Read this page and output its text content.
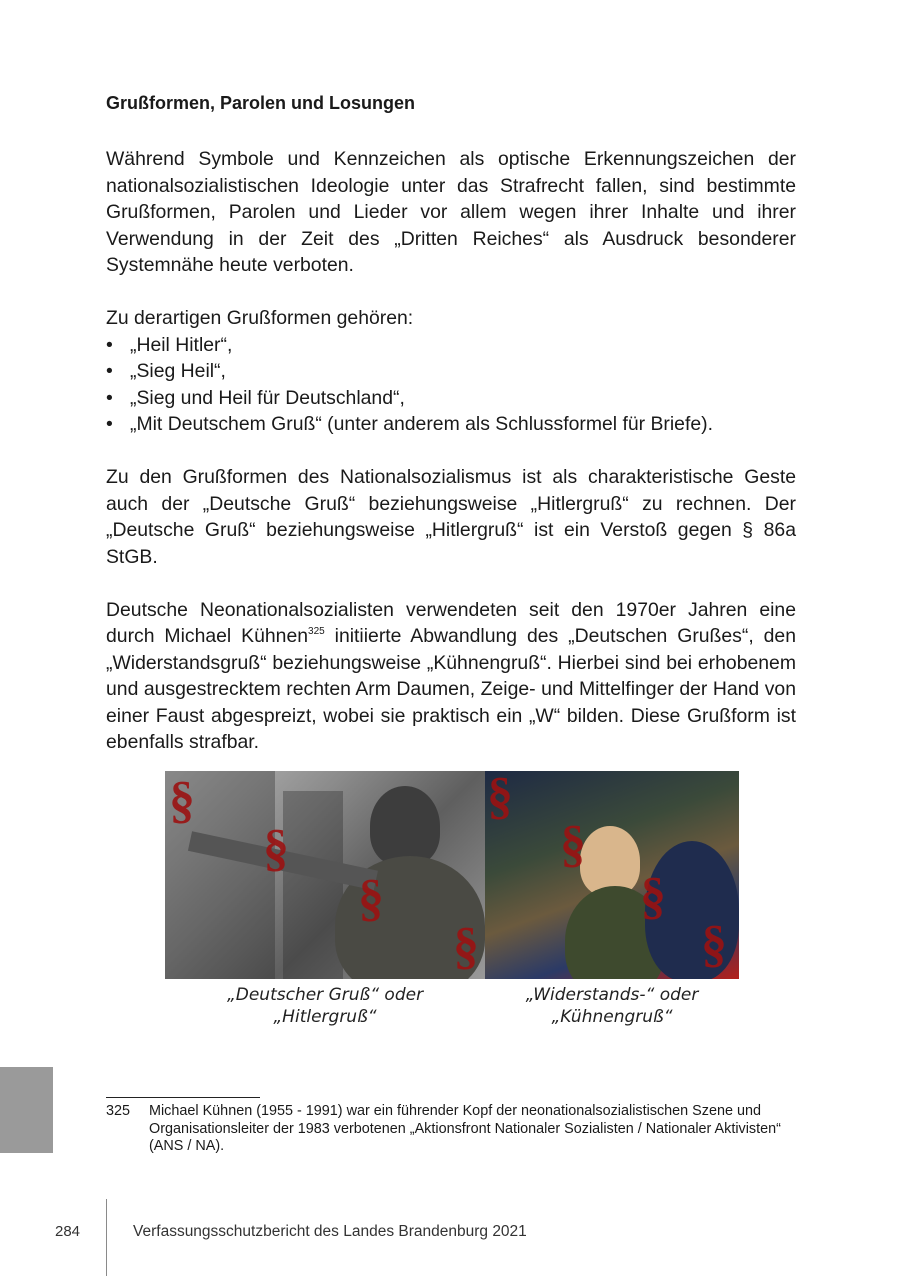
Grußformen, Parolen und Losungen

Während Symbole und Kennzeichen als optische Erkennungszeichen der nationalsozialistischen Ideologie unter das Strafrecht fallen, sind bestimmte Grußformen, Parolen und Lieder vor allem wegen ihrer Inhalte und ihrer Verwendung in der Zeit des „Dritten Reiches“ als Ausdruck besonderer Systemnähe heute verboten.

Zu derartigen Grußformen gehören:

• „Heil Hitler“,
• „Sieg Heil“,
• „Sieg und Heil für Deutschland“,
• „Mit Deutschem Gruß“ (unter anderem als Schlussformel für Briefe).

Zu den Grußformen des Nationalsozialismus ist als charakteristische Geste auch der „Deutsche Gruß“ beziehungsweise „Hitlergruß“ zu rechnen. Der „Deutsche Gruß“ beziehungsweise „Hitlergruß“ ist ein Verstoß gegen § 86a StGB.

Deutsche Neonationalsozialisten verwendeten seit den 1970er Jahren eine durch Michael Kühnen$^{325}$ initiierte Abwandlung des „Deutschen Grußes“, den „Widerstandsgruß“ beziehungsweise „Kühnengruß“. Hierbei sind bei erhobenem und ausgestrecktem rechten Arm Daumen, Zeige- und Mittelfinger der Hand von einer Faust abgespreizt, wobei sie praktisch ein „W“ bilden. Diese Grußform ist ebenfalls strafbar.

§
§
§
§
§
§
§
§
„Deutscher Gruß“ oder
„Hitlergruß“
„Widerstands-“ oder
„Kühnengruß“
325 Michael Kühnen (1955 - 1991) war ein führender Kopf der neonationalsozialistischen Szene und Organisationsleiter der 1983 verbotenen „Aktionsfront Nationaler Sozialisten / Nationaler Aktivisten“ (ANS / NA).
284	Verfassungsschutzbericht des Landes Brandenburg 2021
